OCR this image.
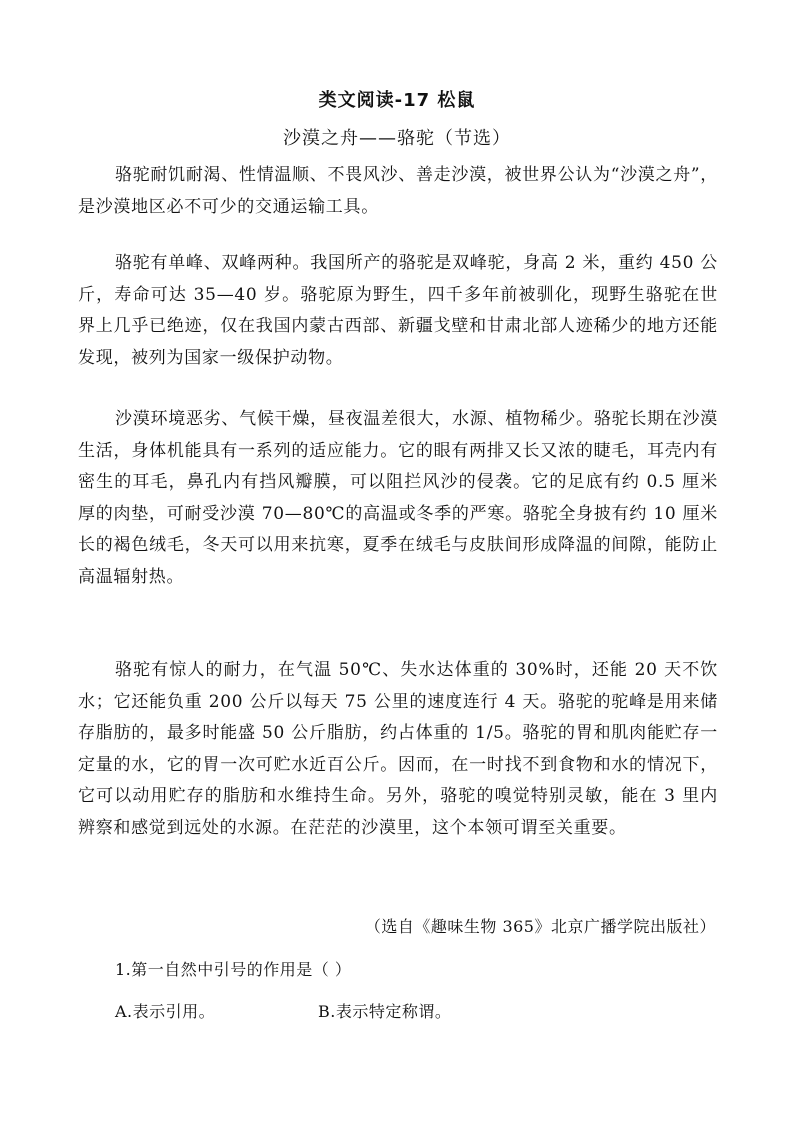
类文阅读-17 松鼠
沙漠之舟——骆驼（节选）

骆驼耐饥耐渴、性情温顺、不畏风沙、善走沙漠，被世界公认为“沙漠之舟”，是沙漠地区必不可少的交通运输工具。

骆驼有单峰、双峰两种。我国所产的骆驼是双峰驼，身高 2 米，重约 450 公斤，寿命可达 35—40 岁。骆驼原为野生，四千多年前被驯化，现野生骆驼在世界上几乎已绝迹，仅在我国内蒙古西部、新疆戈壁和甘肃北部人迹稀少的地方还能发现，被列为国家一级保护动物。

沙漠环境恶劣、气候干燥，昼夜温差很大，水源、植物稀少。骆驼长期在沙漠生活，身体机能具有一系列的适应能力。它的眼有两排又长又浓的睫毛，耳壳内有密生的耳毛，鼻孔内有挡风瓣膜，可以阻拦风沙的侵袭。它的足底有约 0.5 厘米厚的肉垫，可耐受沙漠 70—80℃的高温或冬季的严寒。骆驼全身披有约 10 厘米长的褐色绒毛，冬天可以用来抗寒，夏季在绒毛与皮肤间形成降温的间隙，能防止高温辐射热。

骆驼有惊人的耐力，在气温 50℃、失水达体重的 30%时，还能 20 天不饮水；它还能负重 200 公斤以每天 75 公里的速度连行 4 天。骆驼的驼峰是用来储存脂肪的，最多时能盛 50 公斤脂肪，约占体重的 1/5。骆驼的胃和肌肉能贮存一定量的水，它的胃一次可贮水近百公斤。因而，在一时找不到食物和水的情况下，它可以动用贮存的脂肪和水维持生命。另外，骆驼的嗅觉特别灵敏，能在 3 里内辨察和感觉到远处的水源。在茫茫的沙漠里，这个本领可谓至关重要。

（选自《趣味生物 365》北京广播学院出版社）
1.第一自然中引号的作用是（ ）
A.表示引用。	B.表示特定称谓。
